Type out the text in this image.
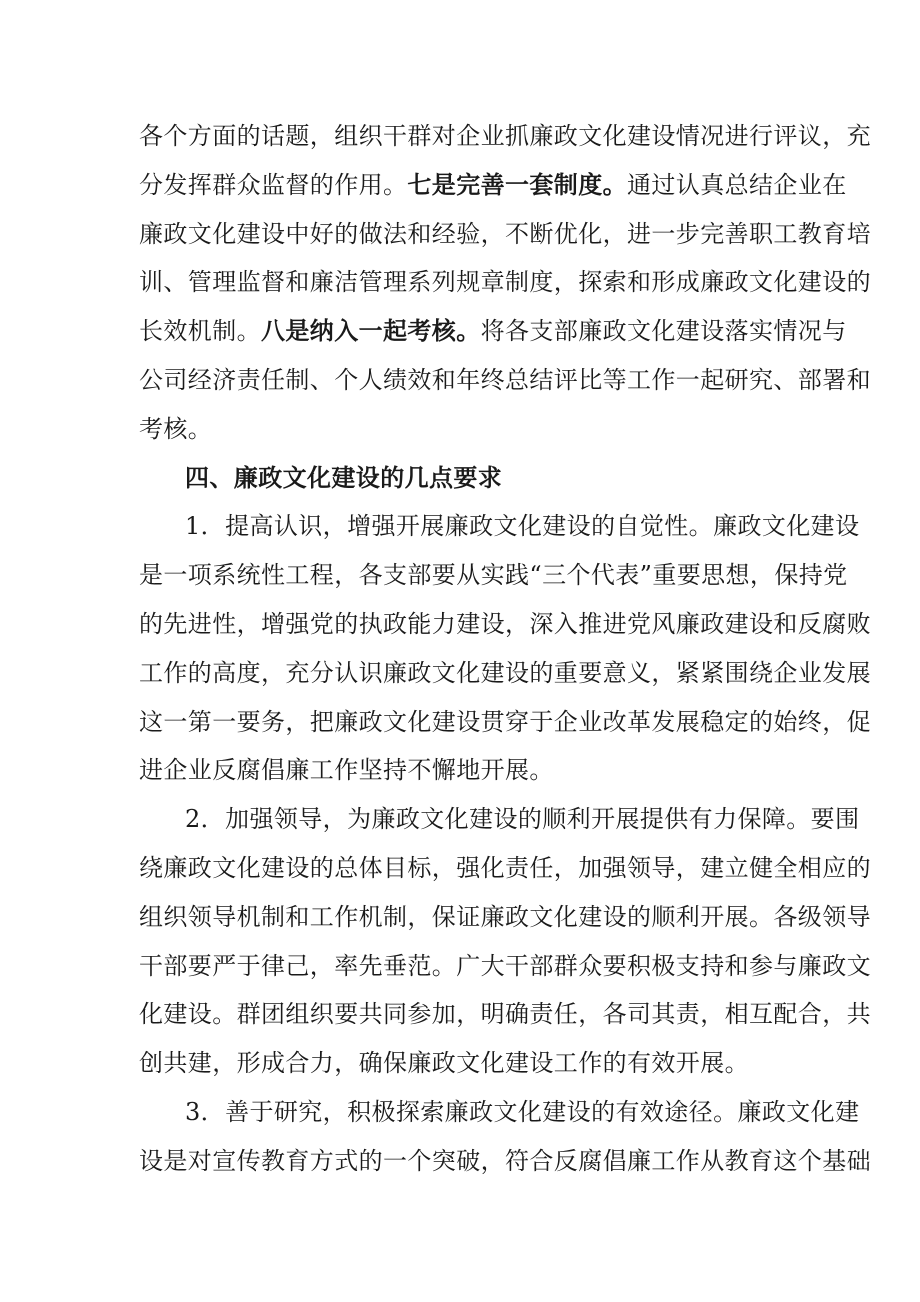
各个方面的话题，组织干群对企业抓廉政文化建设情况进行评议，充
分发挥群众监督的作用。七是完善一套制度。通过认真总结企业在
廉政文化建设中好的做法和经验，不断优化，进一步完善职工教育培
训、管理监督和廉洁管理系列规章制度，探索和形成廉政文化建设的
长效机制。八是纳入一起考核。将各支部廉政文化建设落实情况与
公司经济责任制、个人绩效和年终总结评比等工作一起研究、部署和
考核。
四、廉政文化建设的几点要求
1．提高认识，增强开展廉政文化建设的自觉性。廉政文化建设
是一项系统性工程，各支部要从实践“三个代表”重要思想，保持党
的先进性，增强党的执政能力建设，深入推进党风廉政建设和反腐败
工作的高度，充分认识廉政文化建设的重要意义，紧紧围绕企业发展
这一第一要务，把廉政文化建设贯穿于企业改革发展稳定的始终，促
进企业反腐倡廉工作坚持不懈地开展。
2．加强领导，为廉政文化建设的顺利开展提供有力保障。要围
绕廉政文化建设的总体目标，强化责任，加强领导，建立健全相应的
组织领导机制和工作机制，保证廉政文化建设的顺利开展。各级领导
干部要严于律己，率先垂范。广大干部群众要积极支持和参与廉政文
化建设。群团组织要共同参加，明确责任，各司其责，相互配合，共
创共建，形成合力，确保廉政文化建设工作的有效开展。
3．善于研究，积极探索廉政文化建设的有效途径。廉政文化建
设是对宣传教育方式的一个突破，符合反腐倡廉工作从教育这个基础
